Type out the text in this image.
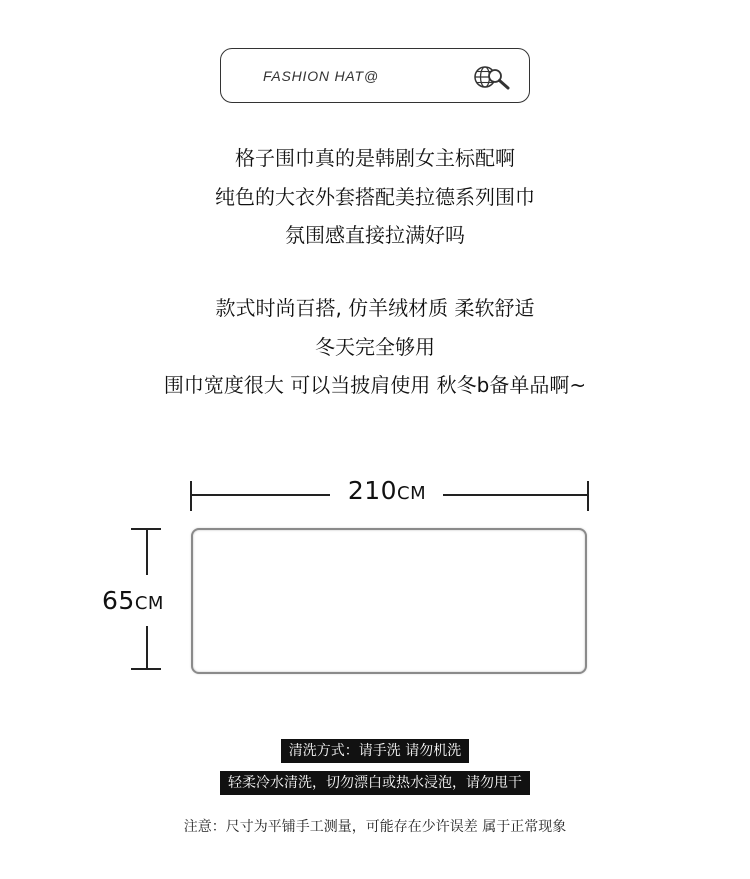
FASHION HAT@

格子围巾真的是韩剧女主标配啊

纯色的大衣外套搭配美拉德系列围巾

氛围感直接拉满好吗

款式时尚百搭, 仿羊绒材质 柔软舒适

冬天完全够用

围巾宽度很大 可以当披肩使用 秋冬b备单品啊~

210CM
65CM
清洗方式：请手洗 请勿机洗
轻柔冷水清洗，切勿漂白或热水浸泡，请勿甩干
注意：尺寸为平铺手工测量，可能存在少许误差 属于正常现象
